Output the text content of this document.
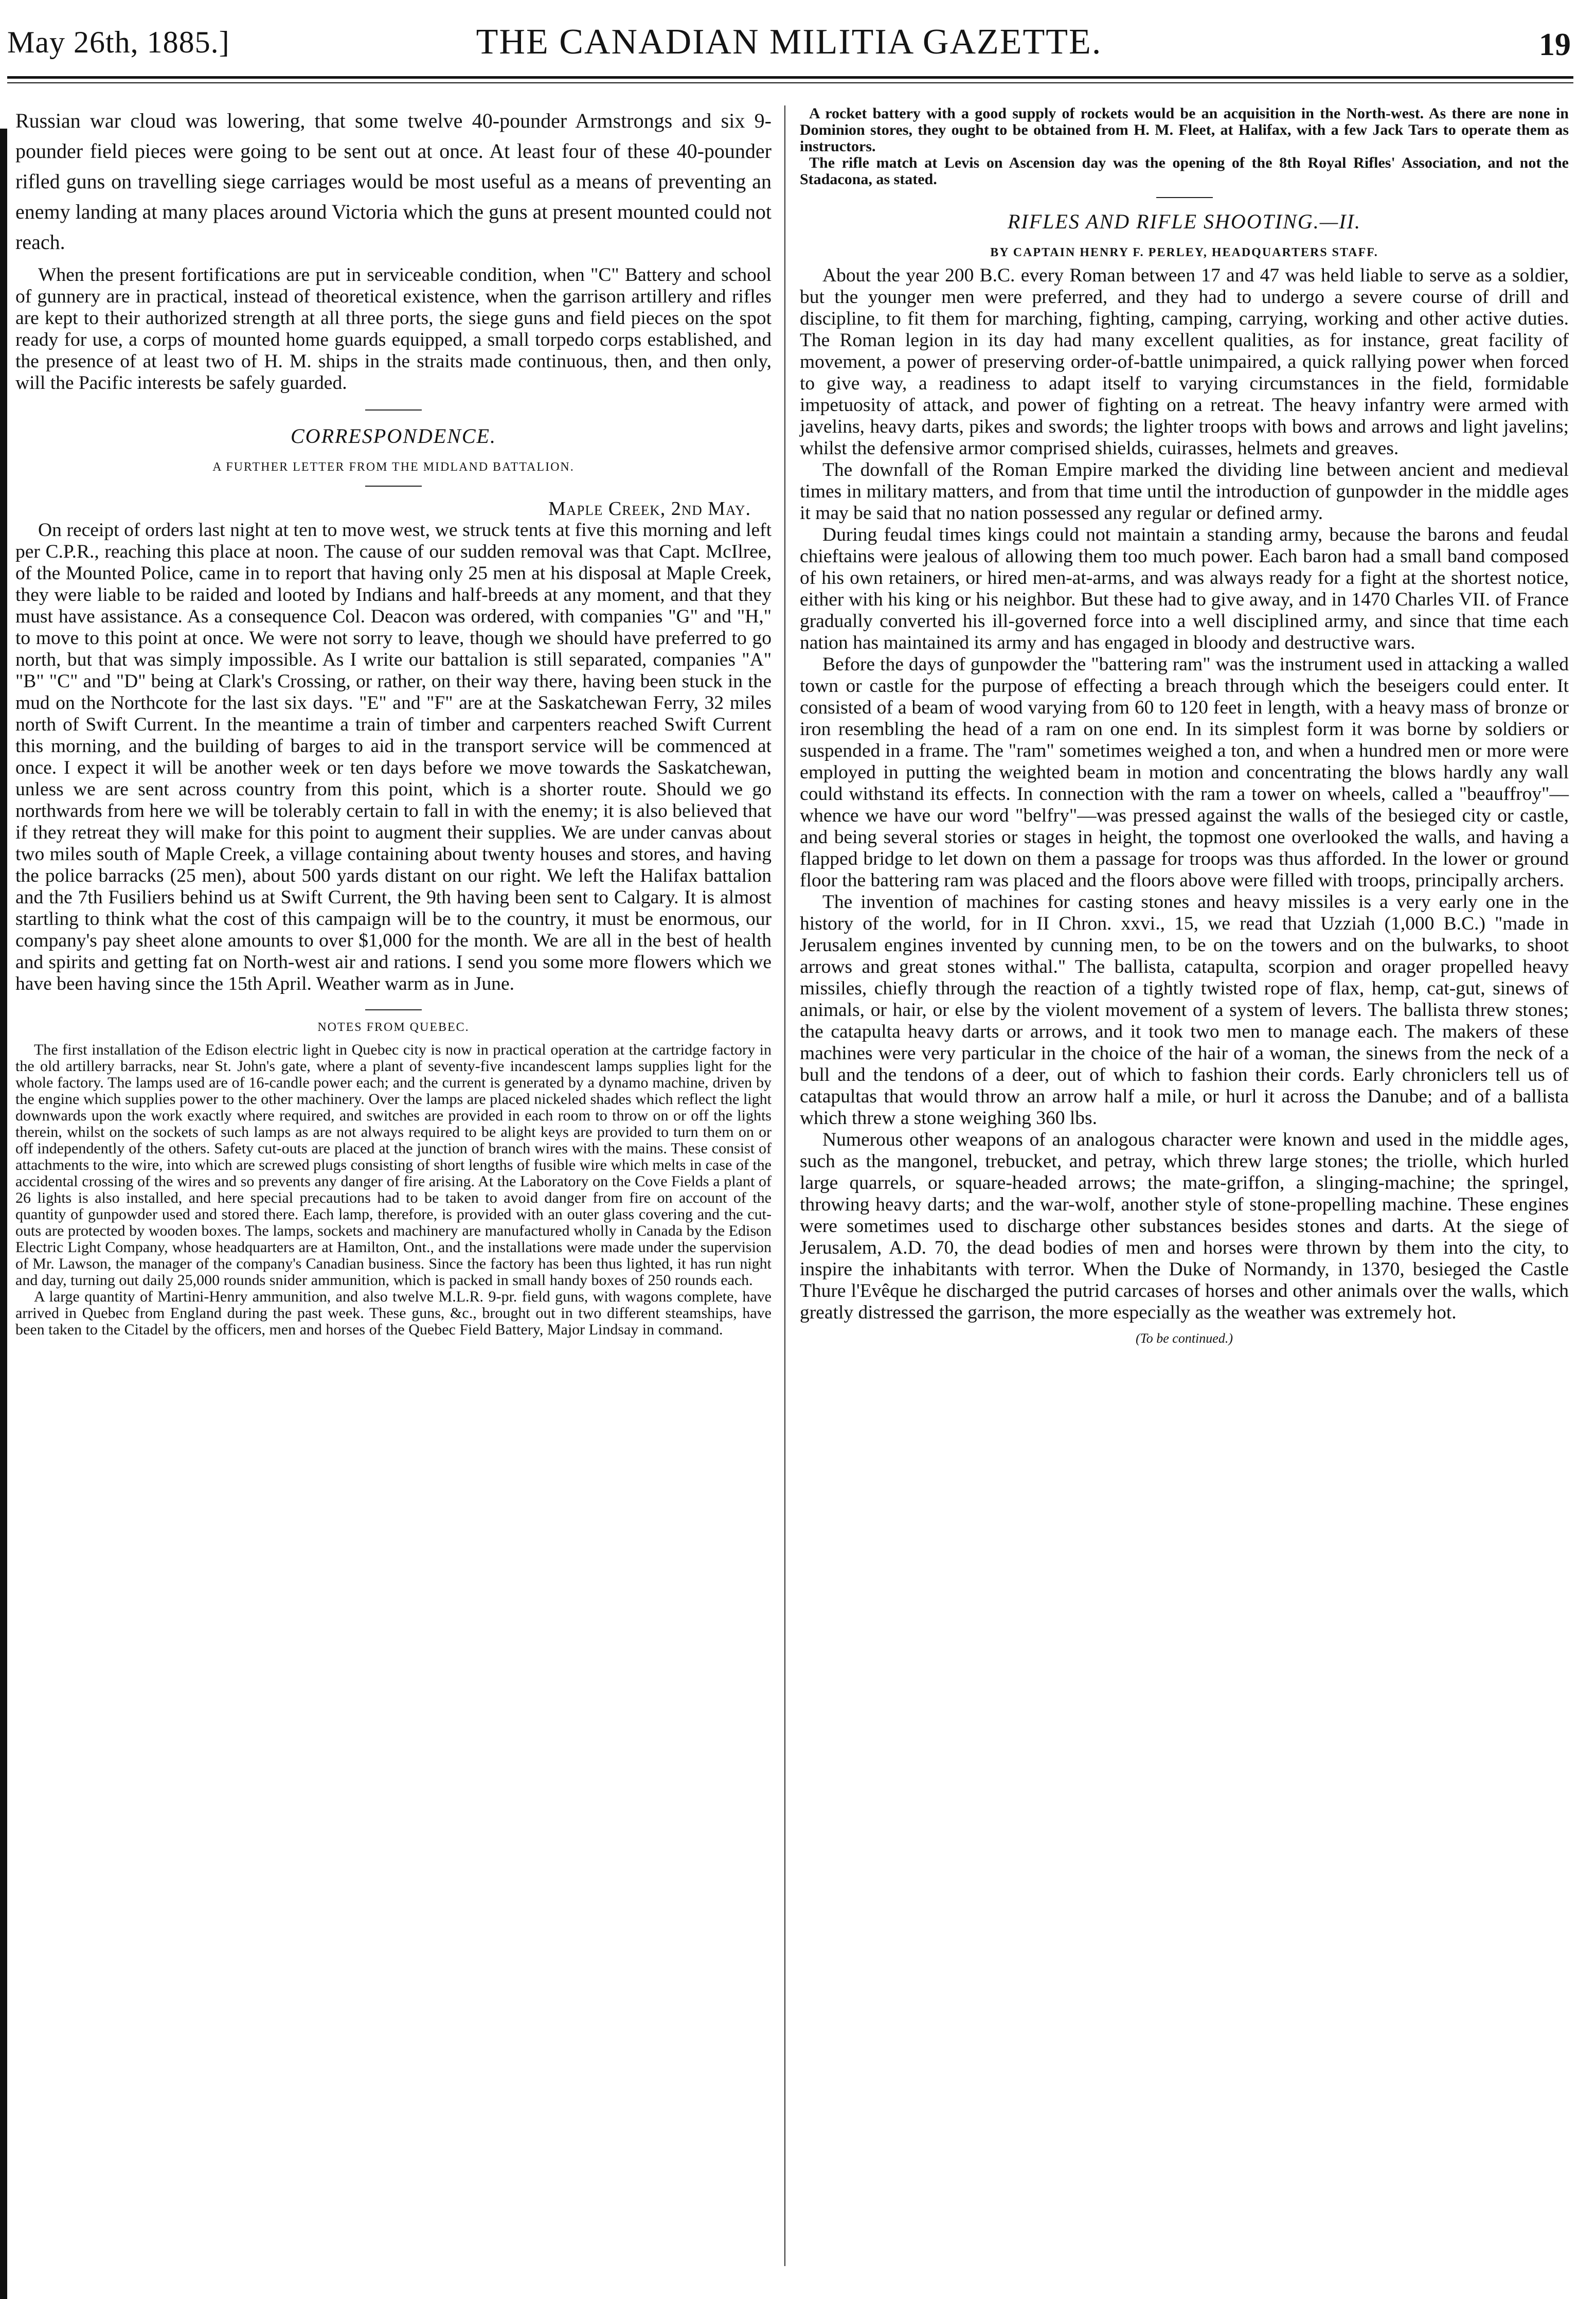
May 26th, 1885.]	THE CANADIAN MILITIA GAZETTE.	19

Russian war cloud was lowering, that some twelve 40-pounder Armstrongs and six 9-pounder field pieces were going to be sent out at once. At least four of these 40-pounder rifled guns on travelling siege carriages would be most useful as a means of preventing an enemy landing at many places around Victoria which the guns at present mounted could not reach.

When the present fortifications are put in serviceable condition, when "C" Battery and school of gunnery are in practical, instead of theoretical existence, when the garrison artillery and rifles are kept to their authorized strength at all three ports, the siege guns and field pieces on the spot ready for use, a corps of mounted home guards equipped, a small torpedo corps established, and the presence of at least two of H. M. ships in the straits made continuous, then, and then only, will the Pacific interests be safely guarded.

CORRESPONDENCE.

A FURTHER LETTER FROM THE MIDLAND BATTALION.

Maple Creek, 2nd May.

On receipt of orders last night at ten to move west, we struck tents at five this morning and left per C.P.R., reaching this place at noon. The cause of our sudden removal was that Capt. McIlree, of the Mounted Police, came in to report that having only 25 men at his disposal at Maple Creek, they were liable to be raided and looted by Indians and half-breeds at any moment, and that they must have assistance. As a consequence Col. Deacon was ordered, with companies "G" and "H," to move to this point at once. We were not sorry to leave, though we should have preferred to go north, but that was simply impossible. As I write our battalion is still separated, companies "A" "B" "C" and "D" being at Clark's Crossing, or rather, on their way there, having been stuck in the mud on the Northcote for the last six days. "E" and "F" are at the Saskatchewan Ferry, 32 miles north of Swift Current. In the meantime a train of timber and carpenters reached Swift Current this morning, and the building of barges to aid in the transport service will be commenced at once. I expect it will be another week or ten days before we move towards the Saskatchewan, unless we are sent across country from this point, which is a shorter route. Should we go northwards from here we will be tolerably certain to fall in with the enemy; it is also believed that if they retreat they will make for this point to augment their supplies. We are under canvas about two miles south of Maple Creek, a village containing about twenty houses and stores, and having the police barracks (25 men), about 500 yards distant on our right. We left the Halifax battalion and the 7th Fusiliers behind us at Swift Current, the 9th having been sent to Calgary. It is almost startling to think what the cost of this campaign will be to the country, it must be enormous, our company's pay sheet alone amounts to over $1,000 for the month. We are all in the best of health and spirits and getting fat on North-west air and rations. I send you some more flowers which we have been having since the 15th April. Weather warm as in June.

NOTES FROM QUEBEC.

The first installation of the Edison electric light in Quebec city is now in practical operation at the cartridge factory in the old artillery barracks, near St. John's gate, where a plant of seventy-five incandescent lamps supplies light for the whole factory. The lamps used are of 16-candle power each; and the current is generated by a dynamo machine, driven by the engine which supplies power to the other machinery. Over the lamps are placed nickeled shades which reflect the light downwards upon the work exactly where required, and switches are provided in each room to throw on or off the lights therein, whilst on the sockets of such lamps as are not always required to be alight keys are provided to turn them on or off independently of the others. Safety cut-outs are placed at the junction of branch wires with the mains. These consist of attachments to the wire, into which are screwed plugs consisting of short lengths of fusible wire which melts in case of the accidental crossing of the wires and so prevents any danger of fire arising. At the Laboratory on the Cove Fields a plant of 26 lights is also installed, and here special precautions had to be taken to avoid danger from fire on account of the quantity of gunpowder used and stored there. Each lamp, therefore, is provided with an outer glass covering and the cut-outs are protected by wooden boxes. The lamps, sockets and machinery are manufactured wholly in Canada by the Edison Electric Light Company, whose headquarters are at Hamilton, Ont., and the installations were made under the supervision of Mr. Lawson, the manager of the company's Canadian business. Since the factory has been thus lighted, it has run night and day, turning out daily 25,000 rounds snider ammunition, which is packed in small handy boxes of 250 rounds each.

A large quantity of Martini-Henry ammunition, and also twelve M.L.R. 9-pr. field guns, with wagons complete, have arrived in Quebec from England during the past week. These guns, &c., brought out in two different steamships, have been taken to the Citadel by the officers, men and horses of the Quebec Field Battery, Major Lindsay in command.

A rocket battery with a good supply of rockets would be an acquisition in the North-west. As there are none in Dominion stores, they ought to be obtained from H. M. Fleet, at Halifax, with a few Jack Tars to operate them as instructors.

The rifle match at Levis on Ascension day was the opening of the 8th Royal Rifles' Association, and not the Stadacona, as stated.

RIFLES AND RIFLE SHOOTING.—II.

BY CAPTAIN HENRY F. PERLEY, HEADQUARTERS STAFF.

About the year 200 B.C. every Roman between 17 and 47 was held liable to serve as a soldier, but the younger men were preferred, and they had to undergo a severe course of drill and discipline, to fit them for marching, fighting, camping, carrying, working and other active duties. The Roman legion in its day had many excellent qualities, as for instance, great facility of movement, a power of preserving order-of-battle unimpaired, a quick rallying power when forced to give way, a readiness to adapt itself to varying circumstances in the field, formidable impetuosity of attack, and power of fighting on a retreat. The heavy infantry were armed with javelins, heavy darts, pikes and swords; the lighter troops with bows and arrows and light javelins; whilst the defensive armor comprised shields, cuirasses, helmets and greaves.

The downfall of the Roman Empire marked the dividing line between ancient and medieval times in military matters, and from that time until the introduction of gunpowder in the middle ages it may be said that no nation possessed any regular or defined army.

During feudal times kings could not maintain a standing army, because the barons and feudal chieftains were jealous of allowing them too much power. Each baron had a small band composed of his own retainers, or hired men-at-arms, and was always ready for a fight at the shortest notice, either with his king or his neighbor. But these had to give away, and in 1470 Charles VII. of France gradually converted his ill-governed force into a well disciplined army, and since that time each nation has maintained its army and has engaged in bloody and destructive wars.

Before the days of gunpowder the "battering ram" was the instrument used in attacking a walled town or castle for the purpose of effecting a breach through which the beseigers could enter. It consisted of a beam of wood varying from 60 to 120 feet in length, with a heavy mass of bronze or iron resembling the head of a ram on one end. In its simplest form it was borne by soldiers or suspended in a frame. The "ram" sometimes weighed a ton, and when a hundred men or more were employed in putting the weighted beam in motion and concentrating the blows hardly any wall could withstand its effects. In connection with the ram a tower on wheels, called a "beauffroy"—whence we have our word "belfry"—was pressed against the walls of the besieged city or castle, and being several stories or stages in height, the topmost one overlooked the walls, and having a flapped bridge to let down on them a passage for troops was thus afforded. In the lower or ground floor the battering ram was placed and the floors above were filled with troops, principally archers.

The invention of machines for casting stones and heavy missiles is a very early one in the history of the world, for in II Chron. xxvi., 15, we read that Uzziah (1,000 B.C.) "made in Jerusalem engines invented by cunning men, to be on the towers and on the bulwarks, to shoot arrows and great stones withal." The ballista, catapulta, scorpion and orager propelled heavy missiles, chiefly through the reaction of a tightly twisted rope of flax, hemp, cat-gut, sinews of animals, or hair, or else by the violent movement of a system of levers. The ballista threw stones; the catapulta heavy darts or arrows, and it took two men to manage each. The makers of these machines were very particular in the choice of the hair of a woman, the sinews from the neck of a bull and the tendons of a deer, out of which to fashion their cords. Early chroniclers tell us of catapultas that would throw an arrow half a mile, or hurl it across the Danube; and of a ballista which threw a stone weighing 360 lbs.

Numerous other weapons of an analogous character were known and used in the middle ages, such as the mangonel, trebucket, and petray, which threw large stones; the triolle, which hurled large quarrels, or square-headed arrows; the mate-griffon, a slinging-machine; the springel, throwing heavy darts; and the war-wolf, another style of stone-propelling machine. These engines were sometimes used to discharge other substances besides stones and darts. At the siege of Jerusalem, A.D. 70, the dead bodies of men and horses were thrown by them into the city, to inspire the inhabitants with terror. When the Duke of Normandy, in 1370, besieged the Castle Thure l'Evêque he discharged the putrid carcases of horses and other animals over the walls, which greatly distressed the garrison, the more especially as the weather was extremely hot.

(To be continued.)
